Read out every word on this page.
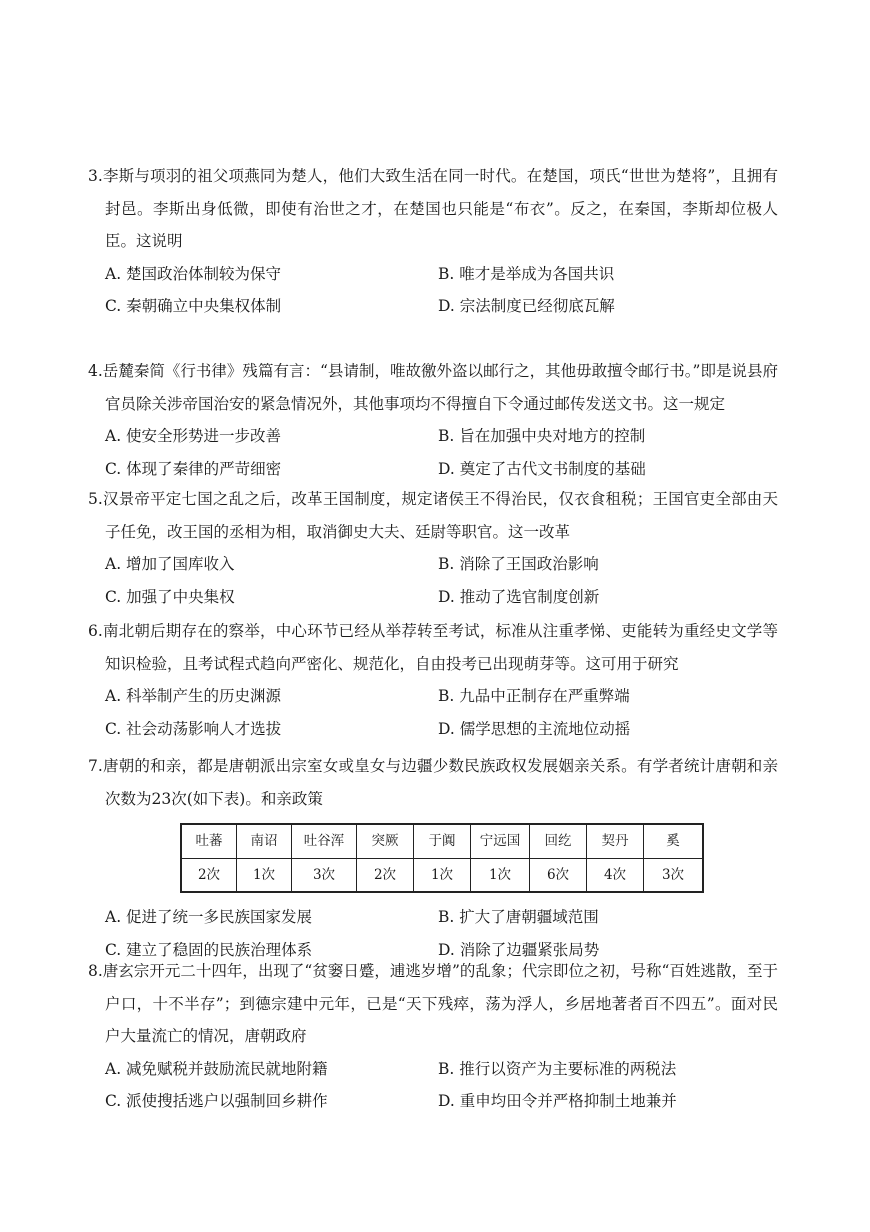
3.李斯与项羽的祖父项燕同为楚人，他们大致生活在同一时代。在楚国，项氏“世世为楚将”，且拥有封邑。李斯出身低微，即使有治世之才，在楚国也只能是“布衣”。反之，在秦国，李斯却位极人臣。这说明

A. 楚国政治体制较为保守	B. 唯才是举成为各国共识
C. 秦朝确立中央集权体制	D. 宗法制度已经彻底瓦解

4.岳麓秦简《行书律》残篇有言：“县请制，唯故徼外盗以邮行之，其他毋敢擅令邮行书。”即是说县府官员除关涉帝国治安的紧急情况外，其他事项均不得擅自下令通过邮传发送文书。这一规定

A. 使安全形势进一步改善	B. 旨在加强中央对地方的控制
C. 体现了秦律的严苛细密	D. 奠定了古代文书制度的基础

5.汉景帝平定七国之乱之后，改革王国制度，规定诸侯王不得治民，仅衣食租税；王国官吏全部由天子任免，改王国的丞相为相，取消御史大夫、廷尉等职官。这一改革

A. 增加了国库收入	B. 消除了王国政治影响
C. 加强了中央集权	D. 推动了选官制度创新

6.南北朝后期存在的察举，中心环节已经从举荐转至考试，标准从注重孝悌、吏能转为重经史文学等知识检验，且考试程式趋向严密化、规范化，自由投考已出现萌芽等。这可用于研究

A. 科举制产生的历史渊源	B. 九品中正制存在严重弊端
C. 社会动荡影响人才选拔	D. 儒学思想的主流地位动摇

7.唐朝的和亲，都是唐朝派出宗室女或皇女与边疆少数民族政权发展姻亲关系。有学者统计唐朝和亲次数为23次(如下表)。和亲政策

吐蕃	南诏	吐谷浑	突厥	于阗	宁远国	回纥	契丹	奚
2次	1次	3次	2次	1次	1次	6次	4次	3次
A. 促进了统一多民族国家发展	B. 扩大了唐朝疆域范围
C. 建立了稳固的民族治理体系	D. 消除了边疆紧张局势

8.唐玄宗开元二十四年，出现了“贫窭日蹙，逋逃岁增”的乱象；代宗即位之初，号称“百姓逃散，至于户口，十不半存”；到德宗建中元年，已是“天下残瘁，荡为浮人，乡居地著者百不四五”。面对民户大量流亡的情况，唐朝政府

A. 减免赋税并鼓励流民就地附籍	B. 推行以资产为主要标准的两税法
C. 派使搜括逃户以强制回乡耕作	D. 重申均田令并严格抑制土地兼并
